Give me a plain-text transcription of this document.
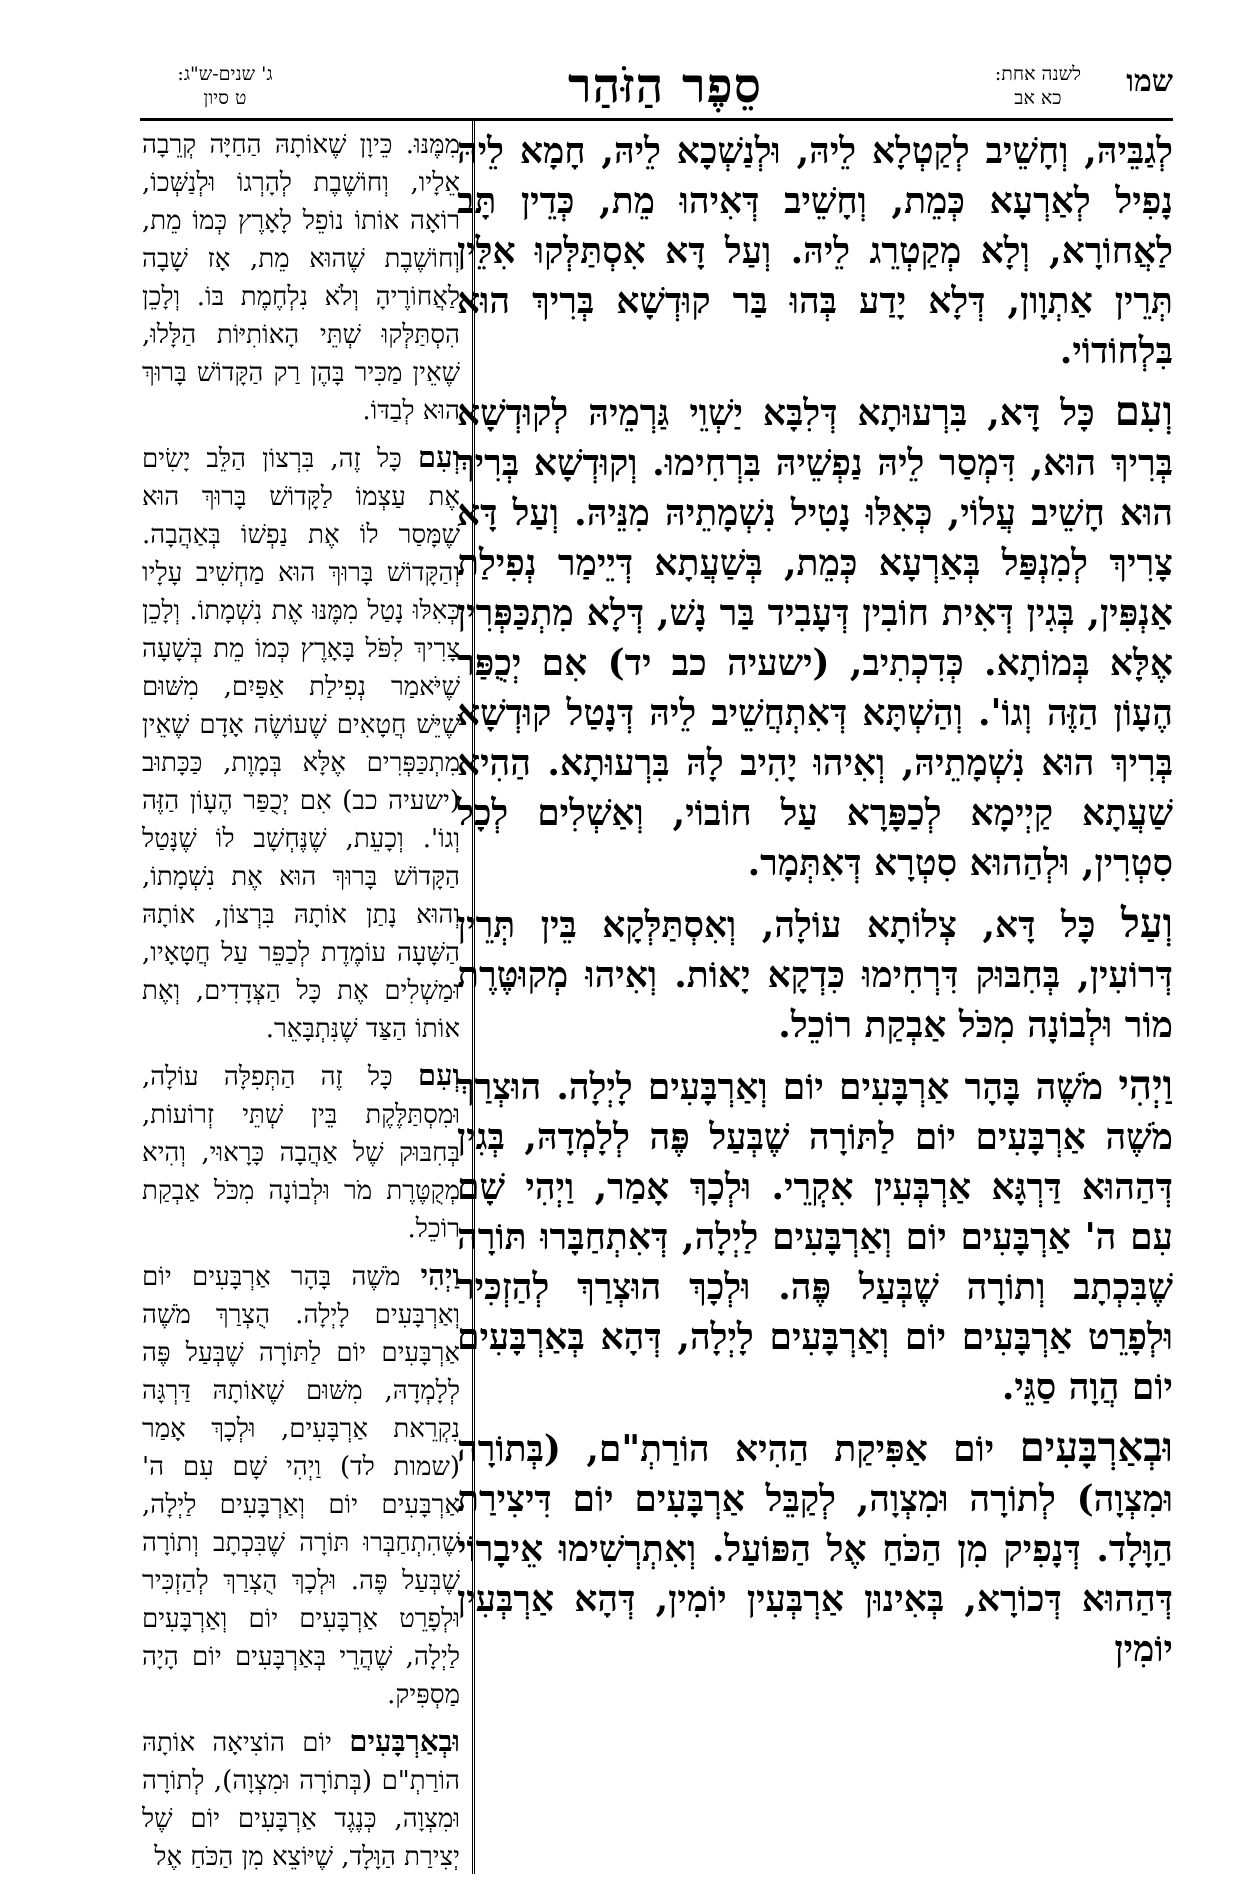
שמו
לשנה אחת:
כא אב
סֵפֶר הַזֹּהַר
ג' שנים-ש"ג:
ט סיון

לְגַבֵּיהּ, וְחָשֵׁיב לְקַטְלָא לֵיהּ, וּלְנַשְׁכָא לֵיהּ, חָמָא לֵיהּ נָפִיל לְאַרְעָא כְּמֵת, וְחָשֵׁיב דְּאִיהוּ מֵת, כְּדֵין תָּב לַאֲחוֹרָא, וְלָא מְקַטְרֵג לֵיהּ. וְעַל דָּא אִסְתַּלְּקוּ אִלֵּין תְּרֵין אַתְוָון, דְּלָא יָדַע בְּהוּ בַּר קוּדְשָׁא בְּרִיךְ הוּא בִּלְחוֹדוֹי.

וְעִם כָּל דָּא, בִּרְעוּתָא דְּלִבָּא יַשְׁוֵי גַּרְמֵיהּ לְקוּדְשָׁא בְּרִיךְ הוּא, דִּמְסַר לֵיהּ נַפְשֵׁיהּ בִּרְחִימוּ. וְקוּדְשָׁא בְּרִיךְ הוּא חָשֵׁיב עֲלוֹי, כְּאִלּוּ נָטִיל נִשְׁמָתֵיהּ מִנֵּיהּ. וְעַל דָּא צָרִיךְ לְמִנְפַּל בְּאַרְעָא כְּמֵת, בְּשַׁעֲתָא דְּיֵימַר נְפִילַת אַנְפִּין, בְּגִין דְּאִית חוֹבִין דְּעָבִיד בַּר נָשׁ, דְּלָא מִתְכַּפְּרִין אֶלָּא בְּמוֹתָא. כְּדִכְתִיב, (ישעיה כב יד) אִם יְכֻפַּר הֶעָוֹן הַזֶּה וְגוֹ'. וְהַשְׁתָּא דְּאִתְחֲשֵׁיב לֵיהּ דְּנָטַל קוּדְשָׁא בְּרִיךְ הוּא נִשְׁמָתֵיהּ, וְאִיהוּ יָהִיב לָהּ בִּרְעוּתָא. הַהִיא שַׁעֲתָא קַיְימָא לְכַפָּרָא עַל חוֹבוֹי, וְאַשְׁלִים לְכָל סִטְרִין, וּלְהַהוּא סִטְרָא דְּאִתְּמָר.

וְעַל כָּל דָּא, צְלוֹתָא עוֹלָה, וְאִסְתַּלְּקָא בֵּין תְּרֵין דְּרוֹעִין, בְּחִבּוּק דִּרְחִימוּ כִּדְקָא יָאוֹת. וְאִיהוּ מְקוּטֶּרֶת מוֹר וּלְבוֹנָה מִכֹּל אַבְקַת רוֹכֵל.

וַיְהִי מֹשֶׁה בָּהָר אַרְבָּעִים יוֹם וְאַרְבָּעִים לָיְלָה. הוּצְרַךְ מֹשֶׁה אַרְבָּעִים יוֹם לַתּוֹרָה שֶׁבְּעַל פֶּה לְלָמְדָהּ, בְּגִין דְּהַהוּא דַּרְגָּא אַרְבְּעִין אִקְרֵי. וּלְכָךְ אָמַר, וַיְהִי שָׁם עִם ה' אַרְבָּעִים יוֹם וְאַרְבָּעִים לַיְלָה, דְּאִתְחַבָּרוּ תּוֹרָה שֶׁבִּכְתָב וְתוֹרָה שֶׁבְּעַל פֶּה. וּלְכָךְ הוּצְרַךְ לְהַזְכִּיר וּלְפָרֵט אַרְבָּעִים יוֹם וְאַרְבָּעִים לָיְלָה, דְּהָא בְּאַרְבָּעִים יוֹם הֲוָה סַגֵּי.

וּבְאַרְבָּעִים יוֹם אַפִּיקַת הַהִיא הוֹרַתְ"ם, (בְּתוֹרָה וּמִצְוָה) לְתוֹרָה וּמִצְוָה, לְקַבֵּל אַרְבָּעִים יוֹם דִּיצִירַת הַוָּלָד. דְּנָפִיק מִן הַכֹּחַ אֶל הַפּוֹעַל. וְאִתְרְשִׁימוּ אֵיבָרוֹי דְּהַהוּא דְּכוֹרָא, בְּאִינוּן אַרְבְּעִין יוֹמִין, דְּהָא אַרְבְּעִין יוֹמִין

מִמֶּנּוּ. כֵּיוָן שֶׁאוֹתָהּ הַחַיָּה קְרֵבָה אֵלָיו, וְחוֹשֶׁבֶת לְהָרְגוֹ וּלְנַשְּׁכוֹ, רוֹאָה אוֹתוֹ נוֹפֵל לָאָרֶץ כְּמוֹ מֵת, וְחוֹשֶׁבֶת שֶׁהוּא מֵת, אָז שָׁבָה לַאֲחוֹרֶיהָ וְלֹא נִלְחֶמֶת בּוֹ. וְלָכֵן הִסְתַּלְּקוּ שְׁתֵּי הָאוֹתִיּוֹת הַלָּלוּ, שֶׁאֵין מַכִּיר בָּהֶן רַק הַקָּדוֹשׁ בָּרוּךְ הוּא לְבַדּוֹ.

וְעִם כָּל זֶה, בִּרְצוֹן הַלֵּב יָשִׂים אֶת עַצְמוֹ לַקָּדוֹשׁ בָּרוּךְ הוּא שֶׁמָּסַר לוֹ אֶת נַפְשׁוֹ בְּאַהֲבָה. וְהַקָּדוֹשׁ בָּרוּךְ הוּא מַחְשִׁיב עָלָיו כְּאִלּוּ נָטַל מִמֶּנּוּ אֶת נִשְׁמָתוֹ. וְלָכֵן צָרִיךְ לִפֹּל בָּאָרֶץ כְּמוֹ מֵת בְּשָׁעָה שֶׁיֹּאמַר נְפִילַת אַפַּיִם, מִשּׁוּם שֶׁיֵּשׁ חֲטָאִים שֶׁעוֹשֶׂה אָדָם שֶׁאֵין מִתְכַּפְּרִים אֶלָּא בְּמָוֶת, כַּכָּתוּב (ישעיה כב) אִם יְכֻפַּר הֶעָוֹן הַזֶּה וְגוֹ'. וְכָעֵת, שֶׁנֶּחְשָׁב לוֹ שֶׁנָּטַל הַקָּדוֹשׁ בָּרוּךְ הוּא אֶת נִשְׁמָתוֹ, וְהוּא נָתַן אוֹתָהּ בִּרְצוֹן, אוֹתָהּ הַשָּׁעָה עוֹמֶדֶת לְכַפֵּר עַל חֲטָאָיו, וּמַשְׁלִים אֶת כָּל הַצְּדָדִים, וְאֶת אוֹתוֹ הַצַּד שֶׁנִּתְבָּאֵר.

וְעִם כָּל זֶה הַתְּפִלָּה עוֹלָה, וּמִסְתַּלֶּקֶת בֵּין שְׁתֵּי זְרוֹעוֹת, בְּחִבּוּק שֶׁל אַהֲבָה כָּרָאוּי, וְהִיא מְקֻטֶּרֶת מֹר וּלְבוֹנָה מִכֹּל אַבְקַת רוֹכֵל.

וַיְהִי מֹשֶׁה בָּהָר אַרְבָּעִים יוֹם וְאַרְבָּעִים לָיְלָה. הֻצְרַךְ מֹשֶׁה אַרְבָּעִים יוֹם לַתּוֹרָה שֶׁבְּעַל פֶּה לְלָמְדָהּ, מִשּׁוּם שֶׁאוֹתָהּ דַּרְגָּה נִקְרֵאת אַרְבָּעִים, וּלְכָךְ אָמַר (שמות לד) וַיְהִי שָׁם עִם ה' אַרְבָּעִים יוֹם וְאַרְבָּעִים לַיְלָה, שֶׁהִתְחַבְּרוּ תּוֹרָה שֶׁבִּכְתָב וְתוֹרָה שֶׁבְּעַל פֶּה. וּלְכָךְ הֻצְרַךְ לְהַזְכִּיר וּלְפָרֵט אַרְבָּעִים יוֹם וְאַרְבָּעִים לַיְלָה, שֶׁהֲרֵי בְּאַרְבָּעִים יוֹם הָיָה מַסְפִּיק.

וּבְאַרְבָּעִים יוֹם הוֹצִיאָה אוֹתָהּ הוֹרַתְ"ם (בְּתוֹרָה וּמִצְוָה), לְתוֹרָה וּמִצְוָה, כְּנֶגֶד אַרְבָּעִים יוֹם שֶׁל יְצִירַת הַוָּלָד, שֶׁיּוֹצֵא מִן הַכֹּחַ אֶל
